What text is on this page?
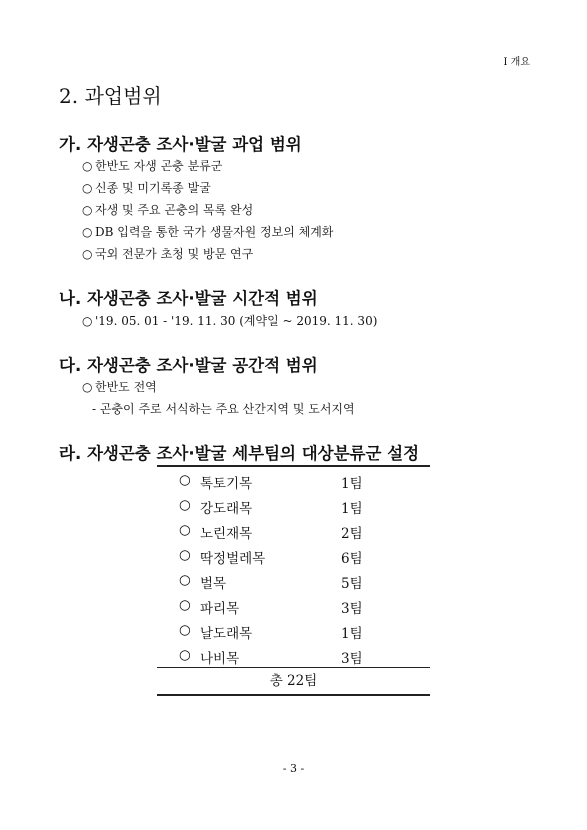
Ⅰ 개요
2. 과업범위
가. 자생곤충 조사·발굴 과업 범위
○ 한반도 자생 곤충 분류군
○ 신종 및 미기록종 발굴
○ 자생 및 주요 곤충의 목록 완성
○ DB 입력을 통한 국가 생물자원 정보의 체계화
○ 국외 전문가 초청 및 방문 연구
나. 자생곤충 조사·발굴 시간적 범위
○ '19. 05. 01 - '19. 11. 30 (계약일 ~ 2019. 11. 30)
다. 자생곤충 조사·발굴 공간적 범위
○ 한반도 전역
- 곤충이 주로 서식하는 주요 산간지역 및 도서지역
라. 자생곤충 조사·발굴 세부팀의 대상분류군 설정
○ 톡토기목	1팀
○ 강도래목	1팀
○ 노린재목	2팀
○ 딱정벌레목	6팀
○ 벌목	5팀
○ 파리목	3팀
○ 날도래목	1팀
○ 나비목	3팀
총 22팀
- 3 -
